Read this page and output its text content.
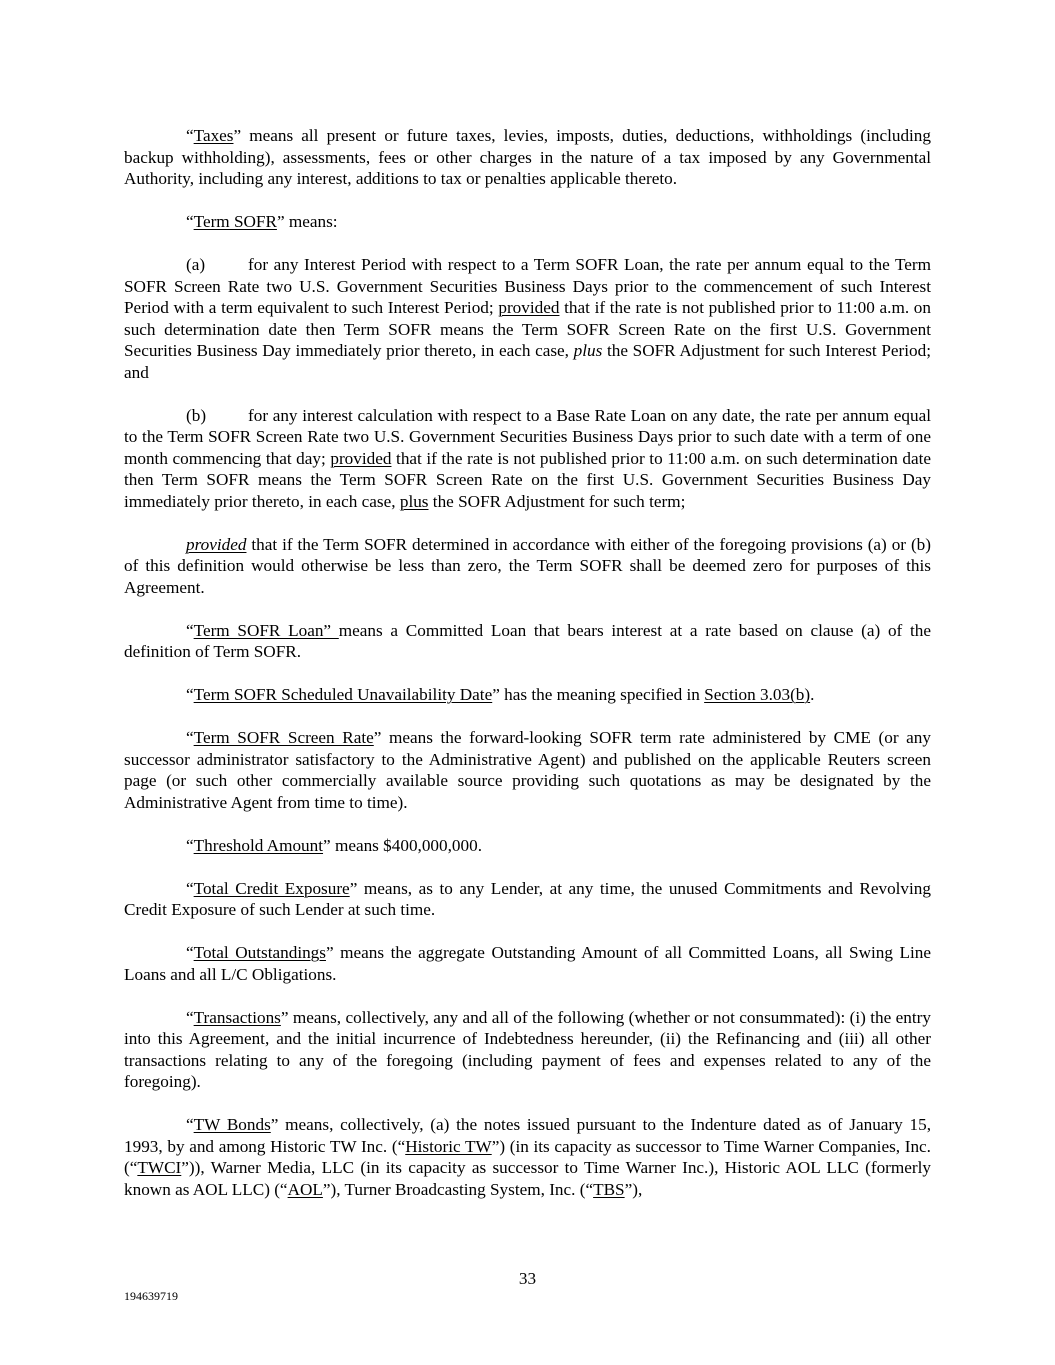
“Taxes” means all present or future taxes, levies, imposts, duties, deductions, withholdings (including backup withholding), assessments, fees or other charges in the nature of a tax imposed by any Governmental Authority, including any interest, additions to tax or penalties applicable thereto.

“Term SOFR” means:

(a) for any Interest Period with respect to a Term SOFR Loan, the rate per annum equal to the Term SOFR Screen Rate two U.S. Government Securities Business Days prior to the commencement of such Interest Period with a term equivalent to such Interest Period; provided that if the rate is not published prior to 11:00 a.m. on such determination date then Term SOFR means the Term SOFR Screen Rate on the first U.S. Government Securities Business Day immediately prior thereto, in each case, plus the SOFR Adjustment for such Interest Period; and

(b) for any interest calculation with respect to a Base Rate Loan on any date, the rate per annum equal to the Term SOFR Screen Rate two U.S. Government Securities Business Days prior to such date with a term of one month commencing that day; provided that if the rate is not published prior to 11:00 a.m. on such determination date then Term SOFR means the Term SOFR Screen Rate on the first U.S. Government Securities Business Day immediately prior thereto, in each case, plus the SOFR Adjustment for such term;

provided that if the Term SOFR determined in accordance with either of the foregoing provisions (a) or (b) of this definition would otherwise be less than zero, the Term SOFR shall be deemed zero for purposes of this Agreement.

“Term SOFR Loan” means a Committed Loan that bears interest at a rate based on clause (a) of the definition of Term SOFR.

“Term SOFR Scheduled Unavailability Date” has the meaning specified in Section 3.03(b).

“Term SOFR Screen Rate” means the forward-looking SOFR term rate administered by CME (or any successor administrator satisfactory to the Administrative Agent) and published on the applicable Reuters screen page (or such other commercially available source providing such quotations as may be designated by the Administrative Agent from time to time).

“Threshold Amount” means $400,000,000.

“Total Credit Exposure” means, as to any Lender, at any time, the unused Commitments and Revolving Credit Exposure of such Lender at such time.

“Total Outstandings” means the aggregate Outstanding Amount of all Committed Loans, all Swing Line Loans and all L/C Obligations.

“Transactions” means, collectively, any and all of the following (whether or not consummated): (i) the entry into this Agreement, and the initial incurrence of Indebtedness hereunder, (ii) the Refinancing and (iii) all other transactions relating to any of the foregoing (including payment of fees and expenses related to any of the foregoing).

“TW Bonds” means, collectively, (a) the notes issued pursuant to the Indenture dated as of January 15, 1993, by and among Historic TW Inc. (“Historic TW”) (in its capacity as successor to Time Warner Companies, Inc. (“TWCI”)), Warner Media, LLC (in its capacity as successor to Time Warner Inc.), Historic AOL LLC (formerly known as AOL LLC) (“AOL”), Turner Broadcasting System, Inc. (“TBS”),

33
194639719
